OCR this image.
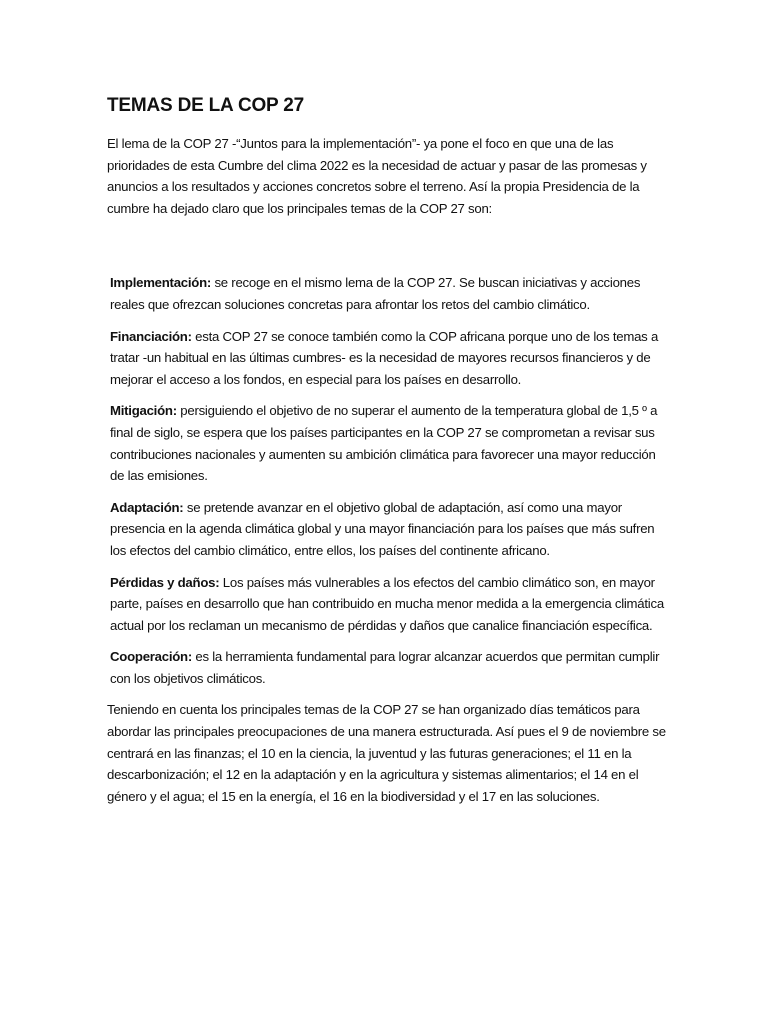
TEMAS DE LA COP 27

El lema de la COP 27 -“Juntos para la implementación”- ya pone el foco en que una de las prioridades de esta Cumbre del clima 2022 es la necesidad de actuar y pasar de las promesas y anuncios a los resultados y acciones concretos sobre el terreno. Así la propia Presidencia de la cumbre ha dejado claro que los principales temas de la COP 27 son:

Implementación: se recoge en el mismo lema de la COP 27. Se buscan iniciativas y acciones reales que ofrezcan soluciones concretas para afrontar los retos del cambio climático.

Financiación: esta COP 27 se conoce también como la COP africana porque uno de los temas a tratar -un habitual en las últimas cumbres- es la necesidad de mayores recursos financieros y de mejorar el acceso a los fondos, en especial para los países en desarrollo.

Mitigación: persiguiendo el objetivo de no superar el aumento de la temperatura global de 1,5 º a final de siglo, se espera que los países participantes en la COP 27 se comprometan a revisar sus contribuciones nacionales y aumenten su ambición climática para favorecer una mayor reducción de las emisiones.

Adaptación: se pretende avanzar en el objetivo global de adaptación, así como una mayor presencia en la agenda climática global y una mayor financiación para los países que más sufren los efectos del cambio climático, entre ellos, los países del continente africano.

Pérdidas y daños: Los países más vulnerables a los efectos del cambio climático son, en mayor parte, países en desarrollo que han contribuido en mucha menor medida a la emergencia climática actual por los reclaman un mecanismo de pérdidas y daños que canalice financiación específica.

Cooperación: es la herramienta fundamental para lograr alcanzar acuerdos que permitan cumplir con los objetivos climáticos.

Teniendo en cuenta los principales temas de la COP 27 se han organizado días temáticos para abordar las principales preocupaciones de una manera estructurada. Así pues el 9 de noviembre se centrará en las finanzas; el 10 en la ciencia, la juventud y las futuras generaciones; el 11 en la descarbonización; el 12 en la adaptación y en la agricultura y sistemas alimentarios; el 14 en el género y el agua; el 15 en la energía, el 16 en la biodiversidad y el 17 en las soluciones.
